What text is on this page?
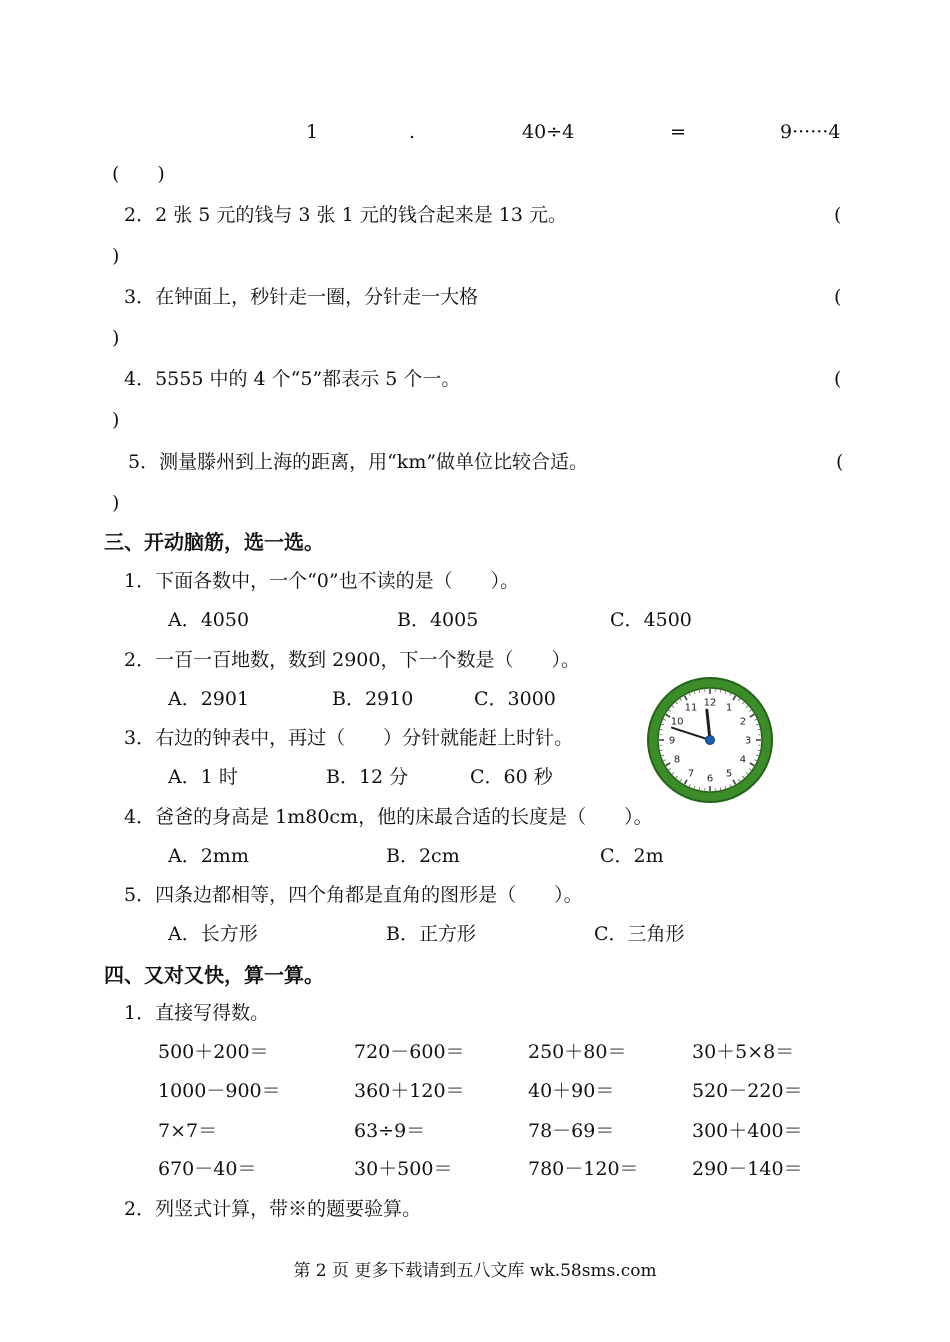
1	.	40÷4	=	9······4
(　　)
2．2 张 5 元的钱与 3 张 1 元的钱合起来是 13 元。	(
)
3．在钟面上，秒针走一圈，分针走一大格	(
)
4．5555 中的 4 个“5”都表示 5 个一。	(
)
5．测量滕州到上海的距离，用“km”做单位比较合适。	(
)
三、开动脑筋，选一选。
1．下面各数中，一个“0”也不读的是（　　）。
A．4050	B．4005	C．4500
2．一百一百地数，数到 2900，下一个数是（　　）。
A．2901	B．2910	C．3000
3．右边的钟表中，再过（　　）分针就能赶上时针。
A．1 时	B．12 分	C．60 秒
4．爸爸的身高是 1m80cm，他的床最合适的长度是（　　）。
A．2mm	B．2cm	C．2m
5．四条边都相等，四个角都是直角的图形是（　　）。
A．长方形	B．正方形	C．三角形
12 1
2
3
4
5
6
7
8
9
10
11
四、又对又快，算一算。
1．直接写得数。
500＋200＝	720－600＝	250＋80＝	30＋5×8＝
1000－900＝	360＋120＝	40＋90＝	520－220＝
7×7＝	63÷9＝	78－69＝	300＋400＝
670－40＝	30＋500＝	780－120＝	290－140＝
2．列竖式计算，带※的题要验算。
第 2 页 更多下载请到五八文库 wk.58sms.com
